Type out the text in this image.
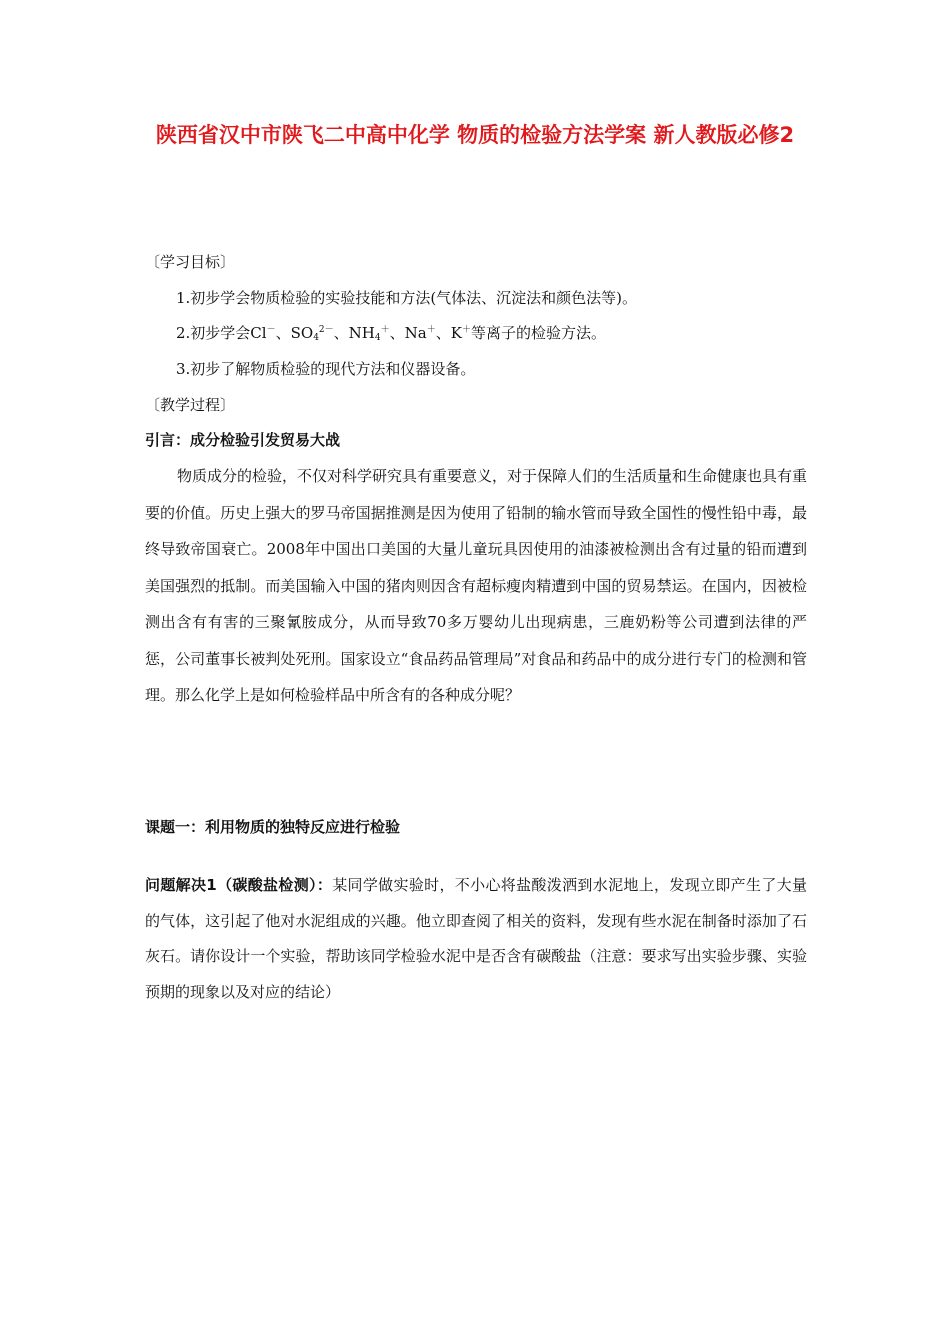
陕西省汉中市陕飞二中高中化学 物质的检验方法学案 新人教版必修2
〔学习目标〕
1.初步学会物质检验的实验技能和方法(气体法、沉淀法和颜色法等)。
2.初步学会Cl－、$SO_4^{2-}$、$NH_4^+$、Na＋、K＋等离子的检验方法。
3.初步了解物质检验的现代方法和仪器设备。
〔教学过程〕
引言：成分检验引发贸易大战
物质成分的检验，不仅对科学研究具有重要意义，对于保障人们的生活质量和生命健康也具有重要的价值。历史上强大的罗马帝国据推测是因为使用了铅制的输水管而导致全国性的慢性铅中毒，最终导致帝国衰亡。2008年中国出口美国的大量儿童玩具因使用的油漆被检测出含有过量的铅而遭到美国强烈的抵制。而美国输入中国的猪肉则因含有超标瘦肉精遭到中国的贸易禁运。在国内，因被检测出含有有害的三聚氰胺成分，从而导致70多万婴幼儿出现病患，三鹿奶粉等公司遭到法律的严惩，公司董事长被判处死刑。国家设立“食品药品管理局”对食品和药品中的成分进行专门的检测和管理。那么化学上是如何检验样品中所含有的各种成分呢？
课题一：利用物质的独特反应进行检验
问题解决1（碳酸盐检测）：某同学做实验时，不小心将盐酸泼洒到水泥地上，发现立即产生了大量的气体，这引起了他对水泥组成的兴趣。他立即查阅了相关的资料，发现有些水泥在制备时添加了石灰石。请你设计一个实验，帮助该同学检验水泥中是否含有碳酸盐（注意：要求写出实验步骤、实验预期的现象以及对应的结论）
